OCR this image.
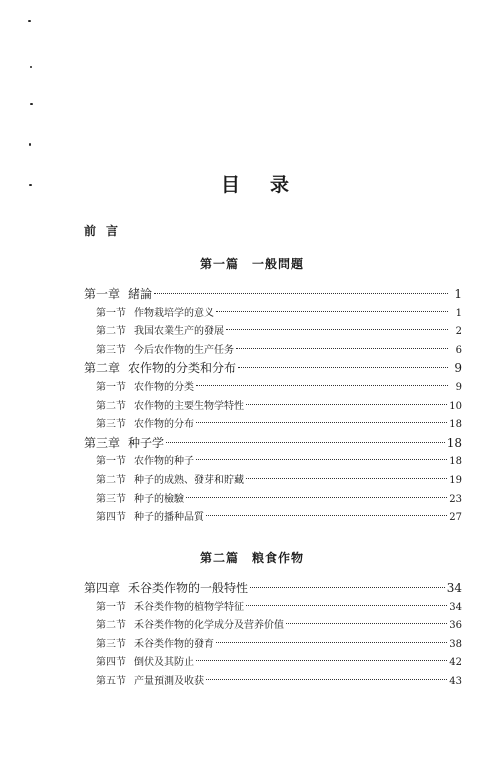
目录
前言
第一篇　一般問題
第二篇　粮食作物
第一章 緒論	1
第一节 作物栽培学的意义	1
第二节 我国农業生产的發展	2
第三节 今后农作物的生产任务	6
第二章 农作物的分类和分布	9
第一节 农作物的分类	9
第二节 农作物的主要生物学特性	10
第三节 农作物的分布	18
第三章 种子学	18
第一节 农作物的种子	18
第二节 种子的成熟、發芽和貯藏	19
第三节 种子的檢驗	23
第四节 种子的播种品質	27
第四章 禾谷类作物的一般特性	34
第一节 禾谷类作物的植物学特征	34
第二节 禾谷类作物的化学成分及营养价值	36
第三节 禾谷类作物的發育	38
第四节 倒伏及其防止	42
第五节 产量預測及收获	43
